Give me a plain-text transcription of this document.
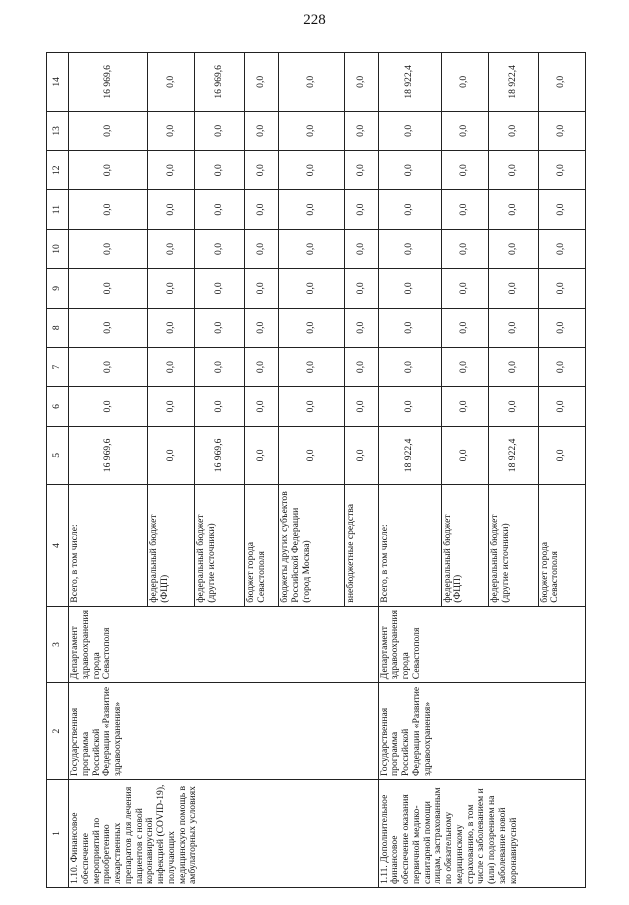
228
1	2	3	4	5	6	7	8	9	10	11	12	13	14
1.10. Финансовое обеспечение мероприятий по приобретению лекарственных препаратов для лечения пациентов с новой коронавирусной инфекцией (COVID-19), получающих медицинскую помощь в амбулаторных условиях	Государственная программа Российской Федерации «Развитие здравоохранения»	Департамент здравоохранения города Севастополя	Всего, в том числе:	16 969,6	0,0	0,0	0,0	0,0	0,0	0,0	0,0	0,0	16 969,6
			федеральный бюджет (ФЦП)	0,0	0,0	0,0	0,0	0,0	0,0	0,0	0,0	0,0	0,0
			федеральный бюджет (другие источники)	16 969,6	0,0	0,0	0,0	0,0	0,0	0,0	0,0	0,0	16 969,6
			бюджет города Севастополя	0,0	0,0	0,0	0,0	0,0	0,0	0,0	0,0	0,0	0,0
			бюджеты других субъектов Российской Федерации (город Москва)	0,0	0,0	0,0	0,0	0,0	0,0	0,0	0,0	0,0	0,0
			внебюджетные средства	0,0	0,0	0,0	0,0	0,0	0,0	0,0	0,0	0,0	0,0
1.11. Дополнительное финансовое обеспечение оказания первичной медико-санитарной помощи лицам, застрахованным по обязательному медицинскому страхованию, в том числе с заболеванием и (или) подозрением на заболевание новой коронавирусной	Государственная программа Российской Федерации «Развитие здравоохранения»	Департамент здравоохранения города Севастополя	Всего, в том числе:	18 922,4	0,0	0,0	0,0	0,0	0,0	0,0	0,0	0,0	18 922,4
			федеральный бюджет (ФЦП)	0,0	0,0	0,0	0,0	0,0	0,0	0,0	0,0	0,0	0,0
			федеральный бюджет (другие источники)	18 922,4	0,0	0,0	0,0	0,0	0,0	0,0	0,0	0,0	18 922,4
			бюджет города Севастополя	0,0	0,0	0,0	0,0	0,0	0,0	0,0	0,0	0,0	0,0
